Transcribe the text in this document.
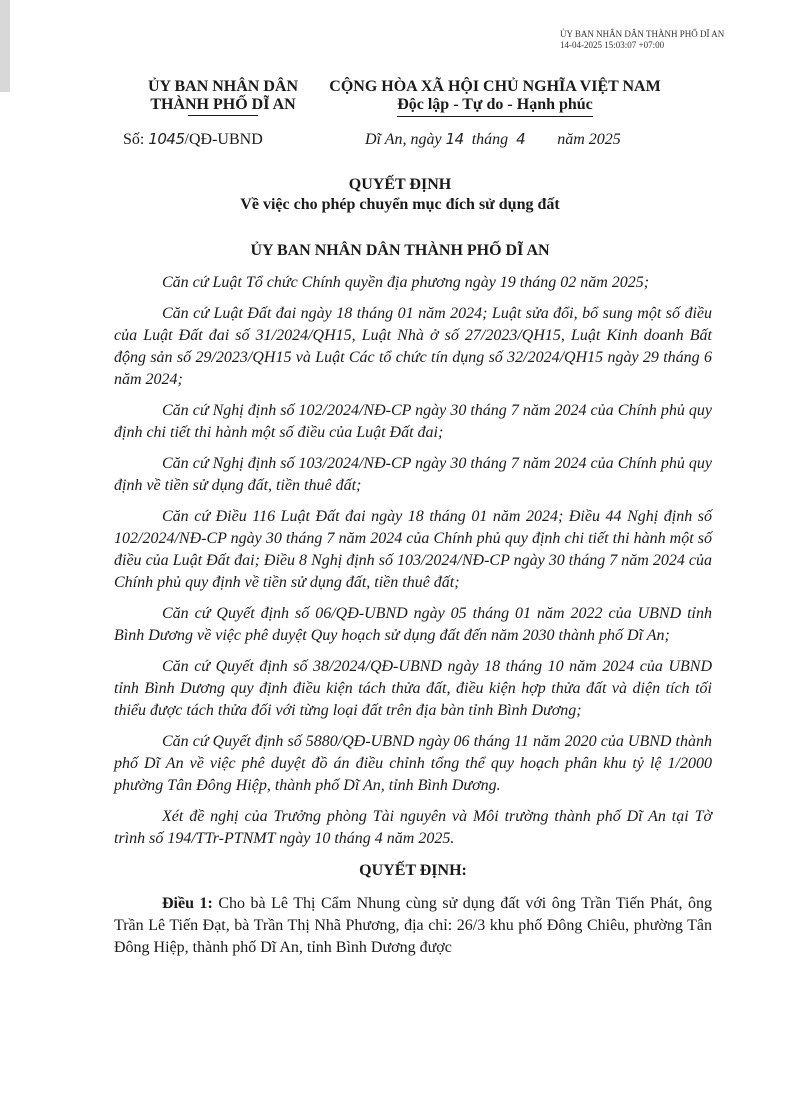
ỦY BAN NHÂN DÂN THÀNH PHỐ DĨ AN
14-04-2025 15:03:07 +07:00
ỦY BAN NHÂN DÂN
THÀNH PHỐ DĨ AN
CỘNG HÒA XÃ HỘI CHỦ NGHĨA VIỆT NAM
Độc lập - Tự do - Hạnh phúc
Số: 1045/QĐ-UBND	Dĩ An, ngày 14 tháng 4 năm 2025
QUYẾT ĐỊNH
Về việc cho phép chuyển mục đích sử dụng đất
ỦY BAN NHÂN DÂN THÀNH PHỐ DĨ AN

Căn cứ Luật Tổ chức Chính quyền địa phương ngày 19 tháng 02 năm 2025;

Căn cứ Luật Đất đai ngày 18 tháng 01 năm 2024; Luật sửa đổi, bổ sung một số điều của Luật Đất đai số 31/2024/QH15, Luật Nhà ở số 27/2023/QH15, Luật Kinh doanh Bất động sản số 29/2023/QH15 và Luật Các tổ chức tín dụng số 32/2024/QH15 ngày 29 tháng 6 năm 2024;

Căn cứ Nghị định số 102/2024/NĐ-CP ngày 30 tháng 7 năm 2024 của Chính phủ quy định chi tiết thi hành một số điều của Luật Đất đai;

Căn cứ Nghị định số 103/2024/NĐ-CP ngày 30 tháng 7 năm 2024 của Chính phủ quy định về tiền sử dụng đất, tiền thuê đất;

Căn cứ Điều 116 Luật Đất đai ngày 18 tháng 01 năm 2024; Điều 44 Nghị định số 102/2024/NĐ-CP ngày 30 tháng 7 năm 2024 của Chính phủ quy định chi tiết thi hành một số điều của Luật Đất đai; Điều 8 Nghị định số 103/2024/NĐ-CP ngày 30 tháng 7 năm 2024 của Chính phủ quy định về tiền sử dụng đất, tiền thuê đất;

Căn cứ Quyết định số 06/QĐ-UBND ngày 05 tháng 01 năm 2022 của UBND tỉnh Bình Dương về việc phê duyệt Quy hoạch sử dụng đất đến năm 2030 thành phố Dĩ An;

Căn cứ Quyết định số 38/2024/QĐ-UBND ngày 18 tháng 10 năm 2024 của UBND tỉnh Bình Dương quy định điều kiện tách thửa đất, điều kiện hợp thửa đất và diện tích tối thiểu được tách thửa đối với từng loại đất trên địa bàn tỉnh Bình Dương;

Căn cứ Quyết định số 5880/QĐ-UBND ngày 06 tháng 11 năm 2020 của UBND thành phố Dĩ An về việc phê duyệt đồ án điều chỉnh tổng thể quy hoạch phân khu tỷ lệ 1/2000 phường Tân Đông Hiệp, thành phố Dĩ An, tỉnh Bình Dương.

Xét đề nghị của Trưởng phòng Tài nguyên và Môi trường thành phố Dĩ An tại Tờ trình số 194/TTr-PTNMT ngày 10 tháng 4 năm 2025.

QUYẾT ĐỊNH:

Điều 1: Cho bà Lê Thị Cẩm Nhung cùng sử dụng đất với ông Trần Tiến Phát, ông Trần Lê Tiến Đạt, bà Trần Thị Nhã Phương, địa chỉ: 26/3 khu phố Đông Chiêu, phường Tân Đông Hiệp, thành phố Dĩ An, tỉnh Bình Dương được
